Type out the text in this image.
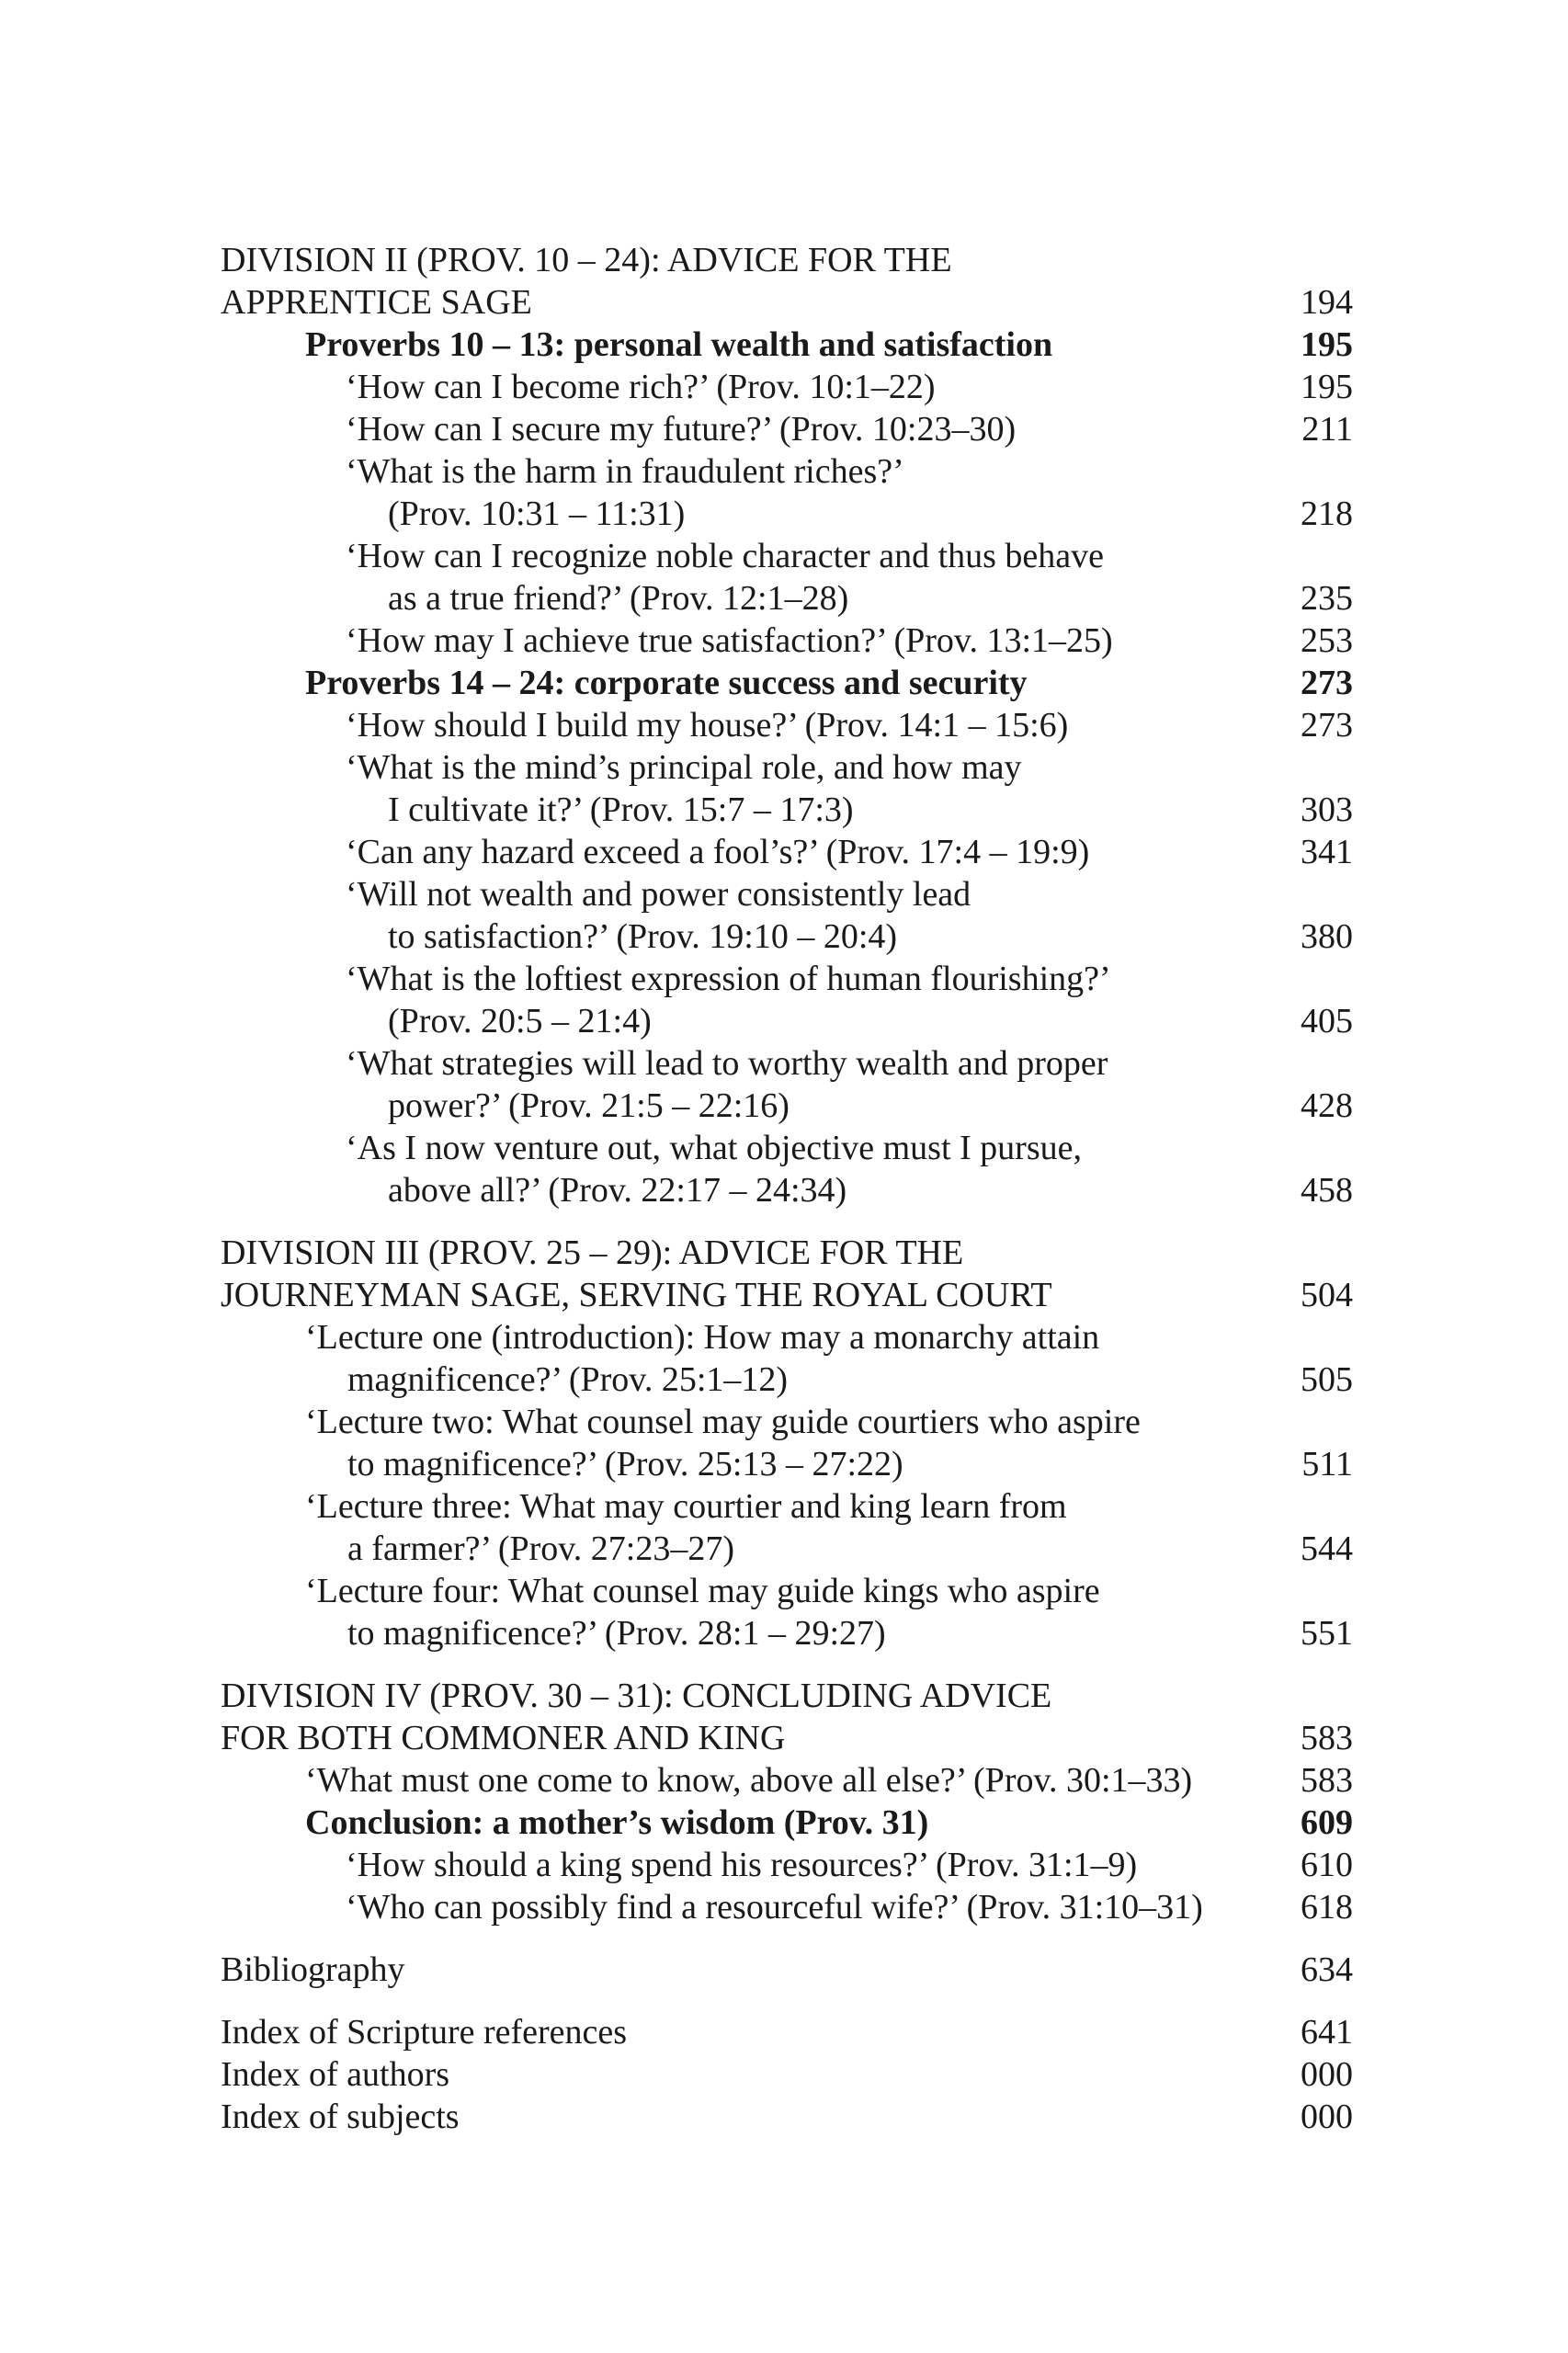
DIVISION II (PROV. 10 – 24): ADVICE FOR THE
APPRENTICE SAGE	194
Proverbs 10 – 13: personal wealth and satisfaction	195
‘How can I become rich?’ (Prov. 10:1–22)	195
‘How can I secure my future?’ (Prov. 10:23–30)	211
‘What is the harm in fraudulent riches?’
(Prov. 10:31 – 11:31)	218
‘How can I recognize noble character and thus behave
as a true friend?’ (Prov. 12:1–28)	235
‘How may I achieve true satisfaction?’ (Prov. 13:1–25)	253
Proverbs 14 – 24: corporate success and security	273
‘How should I build my house?’ (Prov. 14:1 – 15:6)	273
‘What is the mind’s principal role, and how may
I cultivate it?’ (Prov. 15:7 – 17:3)	303
‘Can any hazard exceed a fool’s?’ (Prov. 17:4 – 19:9)	341
‘Will not wealth and power consistently lead
to satisfaction?’ (Prov. 19:10 – 20:4)	380
‘What is the loftiest expression of human flourishing?’
(Prov. 20:5 – 21:4)	405
‘What strategies will lead to worthy wealth and proper
power?’ (Prov. 21:5 – 22:16)	428
‘As I now venture out, what objective must I pursue,
above all?’ (Prov. 22:17 – 24:34)	458
DIVISION III (PROV. 25 – 29): ADVICE FOR THE
JOURNEYMAN SAGE, SERVING THE ROYAL COURT	504
‘Lecture one (introduction): How may a monarchy attain
magnificence?’ (Prov. 25:1–12)	505
‘Lecture two: What counsel may guide courtiers who aspire
to magnificence?’ (Prov. 25:13 – 27:22)	511
‘Lecture three: What may courtier and king learn from
a farmer?’ (Prov. 27:23–27)	544
‘Lecture four: What counsel may guide kings who aspire
to magnificence?’ (Prov. 28:1 – 29:27)	551
DIVISION IV (PROV. 30 – 31): CONCLUDING ADVICE
FOR BOTH COMMONER AND KING	583
‘What must one come to know, above all else?’ (Prov. 30:1–33)	583
Conclusion: a mother’s wisdom (Prov. 31)	609
‘How should a king spend his resources?’ (Prov. 31:1–9)	610
‘Who can possibly find a resourceful wife?’ (Prov. 31:10–31)	618
Bibliography	634
Index of Scripture references	641
Index of authors	000
Index of subjects	000
